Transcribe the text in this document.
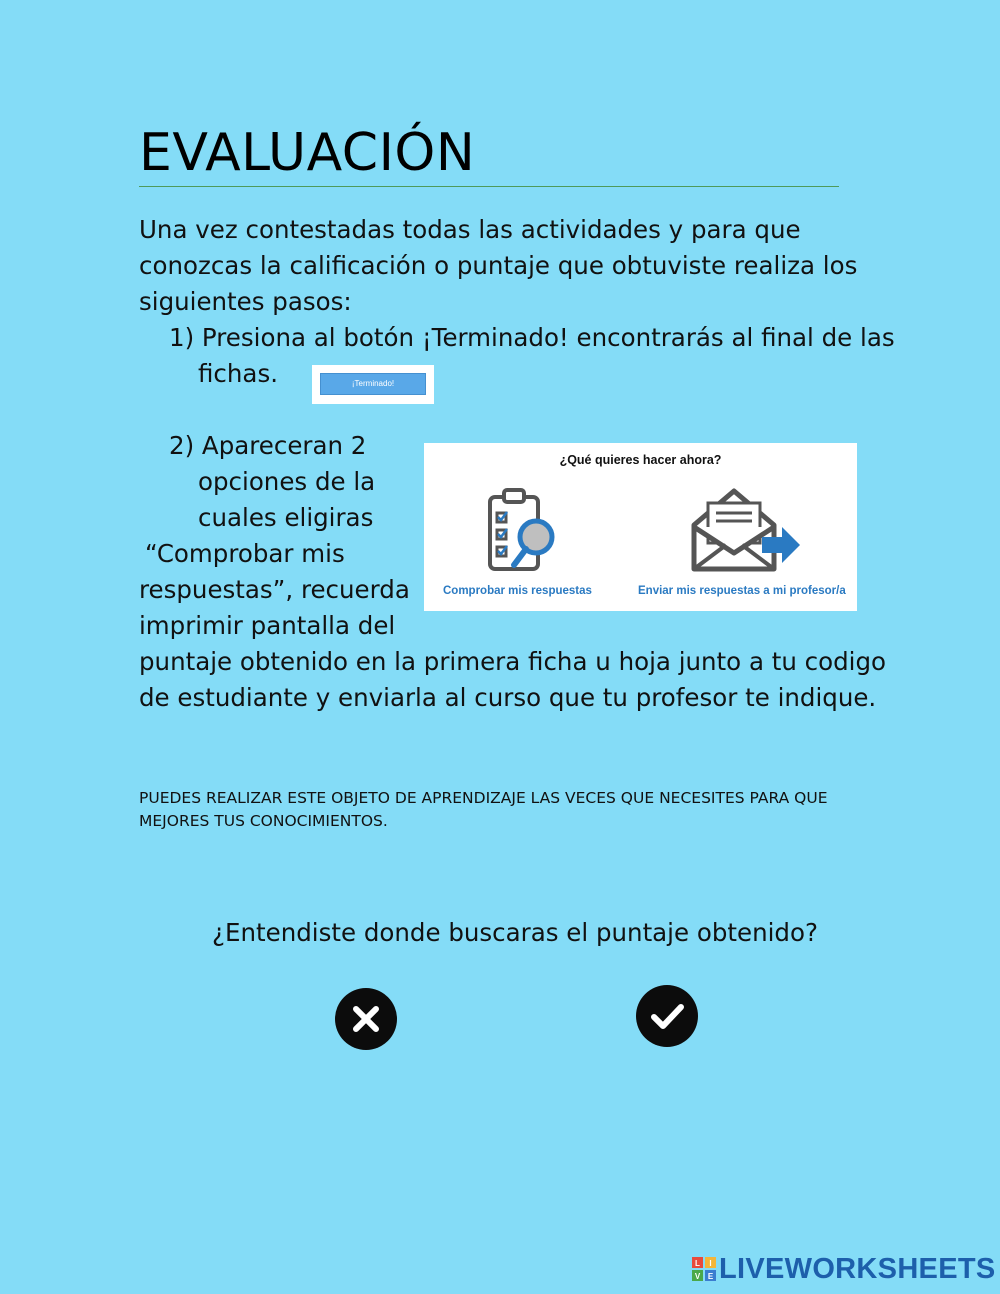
EVALUACIÓN

Una vez contestadas todas las actividades y para que conozcas la calificación o puntaje que obtuviste realiza los siguientes pasos:

1) Presiona al botón ¡Terminado! encontrarás al final de las

fichas.	¡Terminado!

2) Apareceran 2

opciones de la

cuales eligiras

“Comprobar mis

respuestas”, recuerda

imprimir pantalla del

puntaje obtenido en la primera ficha u hoja junto a tu codigo de estudiante y enviarla al curso que tu profesor te indique.

¿Qué quieres hacer ahora?
Comprobar mis respuestas	Enviar mis respuestas a mi profesor/a

PUEDES REALIZAR ESTE OBJETO DE APRENDIZAJE LAS VECES QUE NECESITES PARA QUE MEJORES TUS CONOCIMIENTOS.

¿Entendiste donde buscaras el puntaje obtenido?

L I
V E LIVEWORKSHEETS
